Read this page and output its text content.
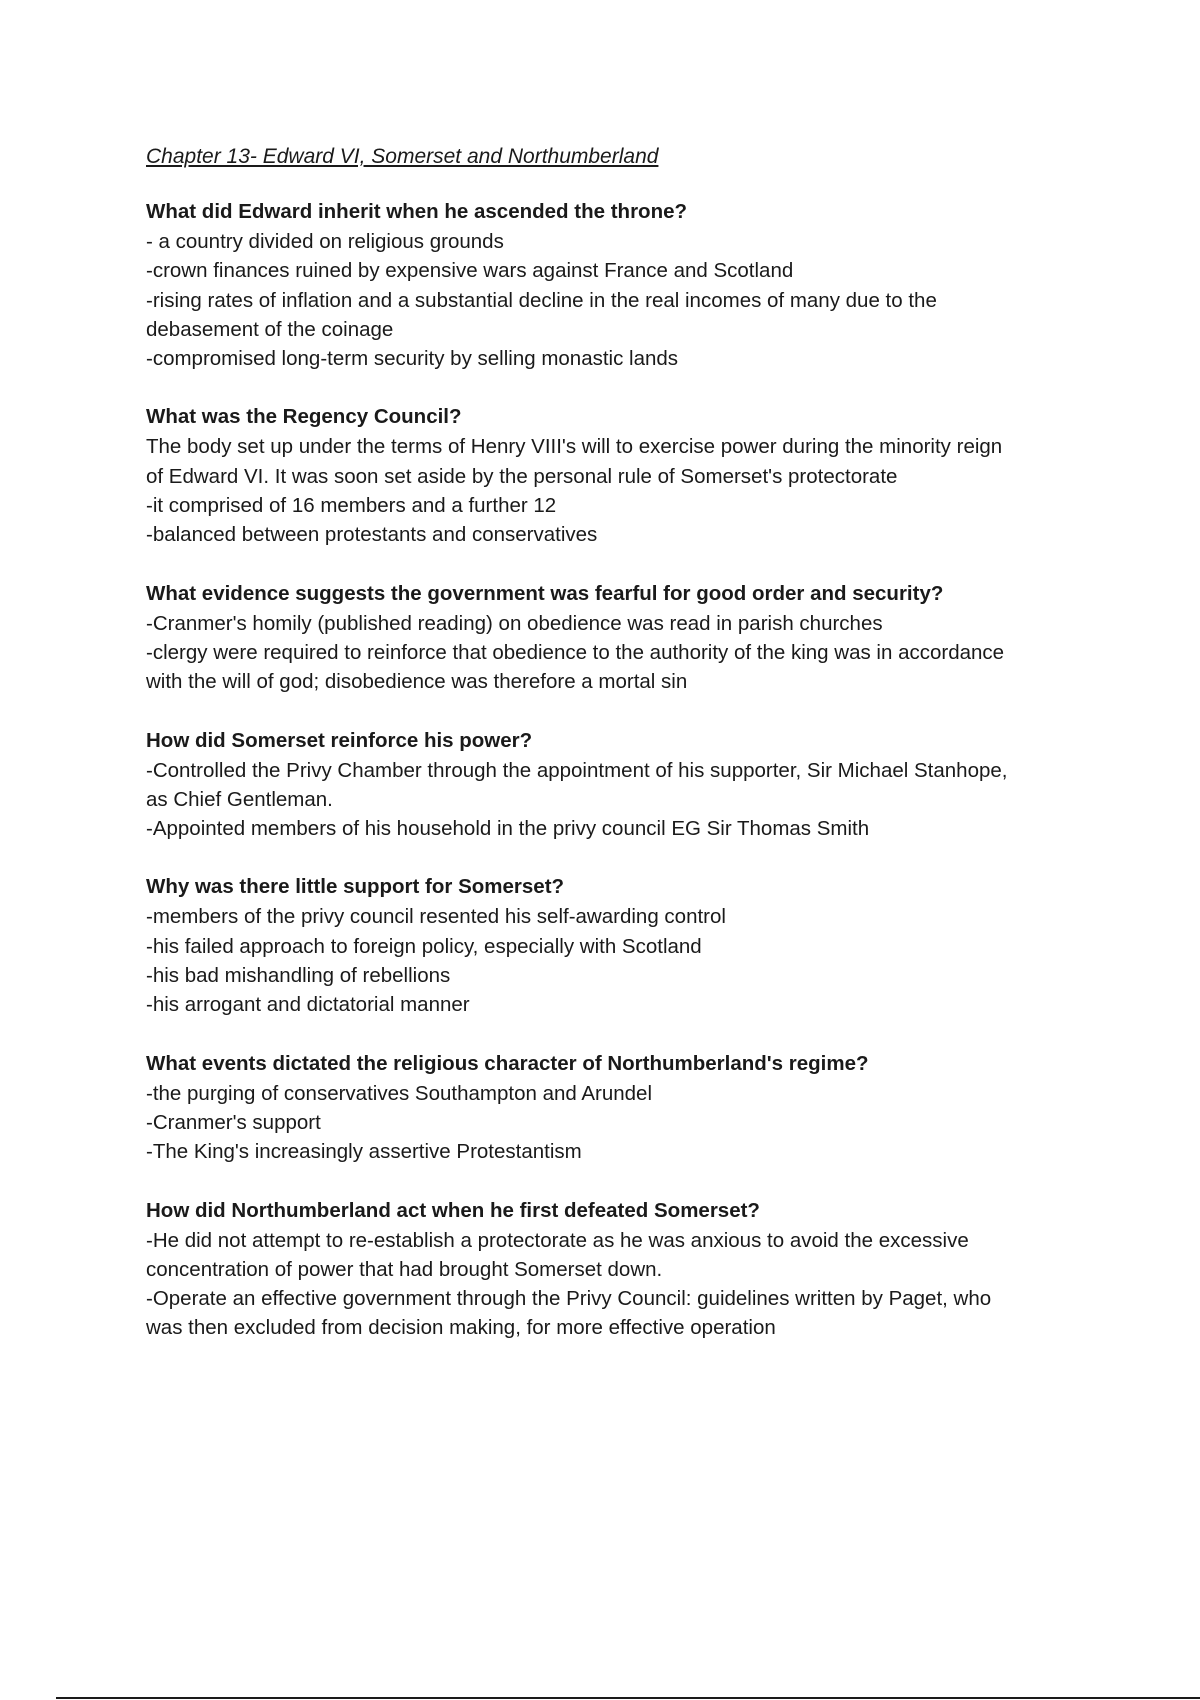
Chapter 13- Edward VI, Somerset and Northumberland

What did Edward inherit when he ascended the throne?

- a country divided on religious grounds

-crown finances ruined by expensive wars against France and Scotland

-rising rates of inflation and a substantial decline in the real incomes of many due to the

debasement of the coinage

-compromised long-term security by selling monastic lands

What was the Regency Council?

The body set up under the terms of Henry VIII's will to exercise power during the minority reign

of Edward VI. It was soon set aside by the personal rule of Somerset's protectorate

-it comprised of 16 members and a further 12

-balanced between protestants and conservatives

What evidence suggests the government was fearful for good order and security?

-Cranmer's homily (published reading) on obedience was read in parish churches

-clergy were required to reinforce that obedience to the authority of the king was in accordance

with the will of god; disobedience was therefore a mortal sin

How did Somerset reinforce his power?

-Controlled the Privy Chamber through the appointment of his supporter, Sir Michael Stanhope,

as Chief Gentleman.

-Appointed members of his household in the privy council EG Sir Thomas Smith

Why was there little support for Somerset?

-members of the privy council resented his self-awarding control

-his failed approach to foreign policy, especially with Scotland

-his bad mishandling of rebellions

-his arrogant and dictatorial manner

What events dictated the religious character of Northumberland's regime?

-the purging of conservatives Southampton and Arundel

-Cranmer's support

-The King's increasingly assertive Protestantism

How did Northumberland act when he first defeated Somerset?

-He did not attempt to re-establish a protectorate as he was anxious to avoid the excessive

concentration of power that had brought Somerset down.

-Operate an effective government through the Privy Council: guidelines written by Paget, who

was then excluded from decision making, for more effective operation
